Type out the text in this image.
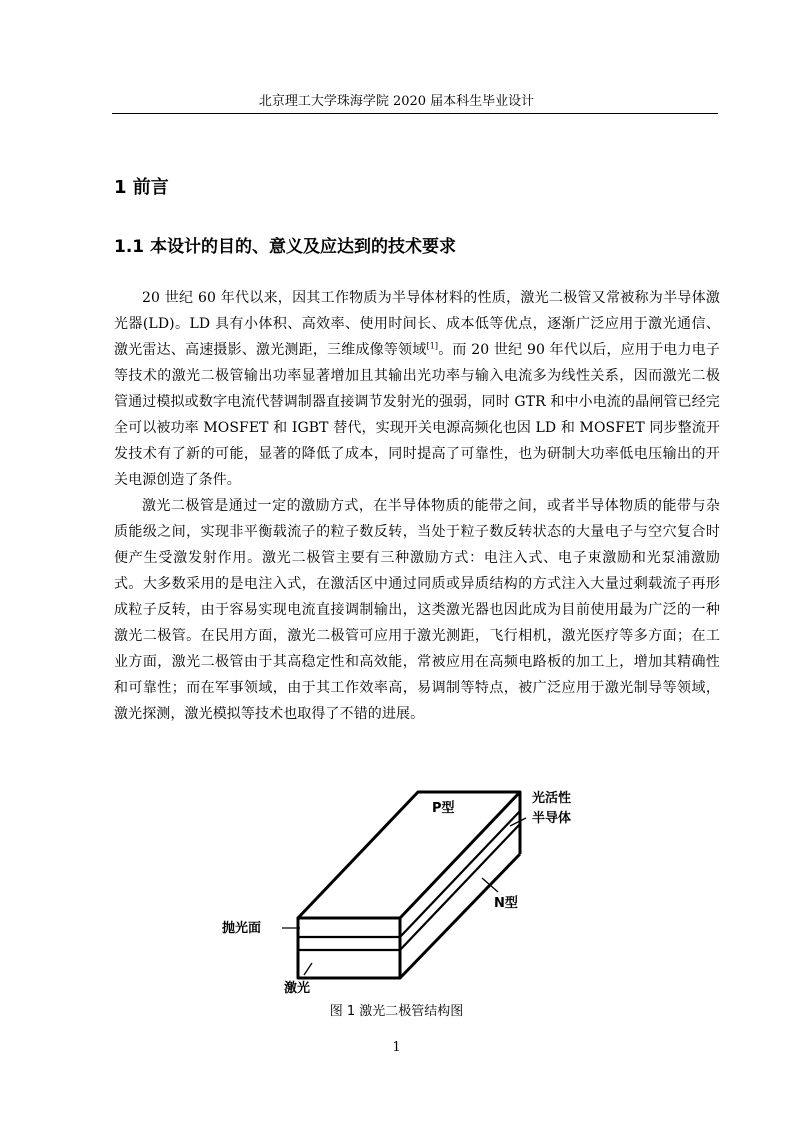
北京理工大学珠海学院 2020 届本科生毕业设计
1 前言
1.1 本设计的目的、意义及应达到的技术要求

20 世纪 60 年代以来，因其工作物质为半导体材料的性质，激光二极管又常被称为半导体激光器(LD)。LD 具有小体积、高效率、使用时间长、成本低等优点，逐渐广泛应用于激光通信、激光雷达、高速摄影、激光测距，三维成像等领域[1]。而 20 世纪 90 年代以后，应用于电力电子等技术的激光二极管输出功率显著增加且其输出光功率与输入电流多为线性关系，因而激光二极管通过模拟或数字电流代替调制器直接调节发射光的强弱，同时 GTR 和中小电流的晶闸管已经完全可以被功率 MOSFET 和 IGBT 替代，实现开关电源高频化也因 LD 和 MOSFET 同步整流开发技术有了新的可能，显著的降低了成本，同时提高了可靠性，也为研制大功率低电压输出的开关电源创造了条件。

激光二极管是通过一定的激励方式，在半导体物质的能带之间，或者半导体物质的能带与杂质能级之间，实现非平衡载流子的粒子数反转，当处于粒子数反转状态的大量电子与空穴复合时便产生受激发射作用。激光二极管主要有三种激励方式：电注入式、电子束激励和光泵浦激励式。大多数采用的是电注入式，在激活区中通过同质或异质结构的方式注入大量过剩载流子再形成粒子反转，由于容易实现电流直接调制输出，这类激光器也因此成为目前使用最为广泛的一种激光二极管。在民用方面，激光二极管可应用于激光测距，飞行相机，激光医疗等多方面；在工业方面，激光二极管由于其高稳定性和高效能，常被应用在高频电路板的加工上，增加其精确性和可靠性；而在军事领域，由于其工作效率高，易调制等特点，被广泛应用于激光制导等领域，激光探测，激光模拟等技术也取得了不错的进展。

P型
光活性
半导体
N型
抛光面
激光
图 1 激光二极管结构图
1
